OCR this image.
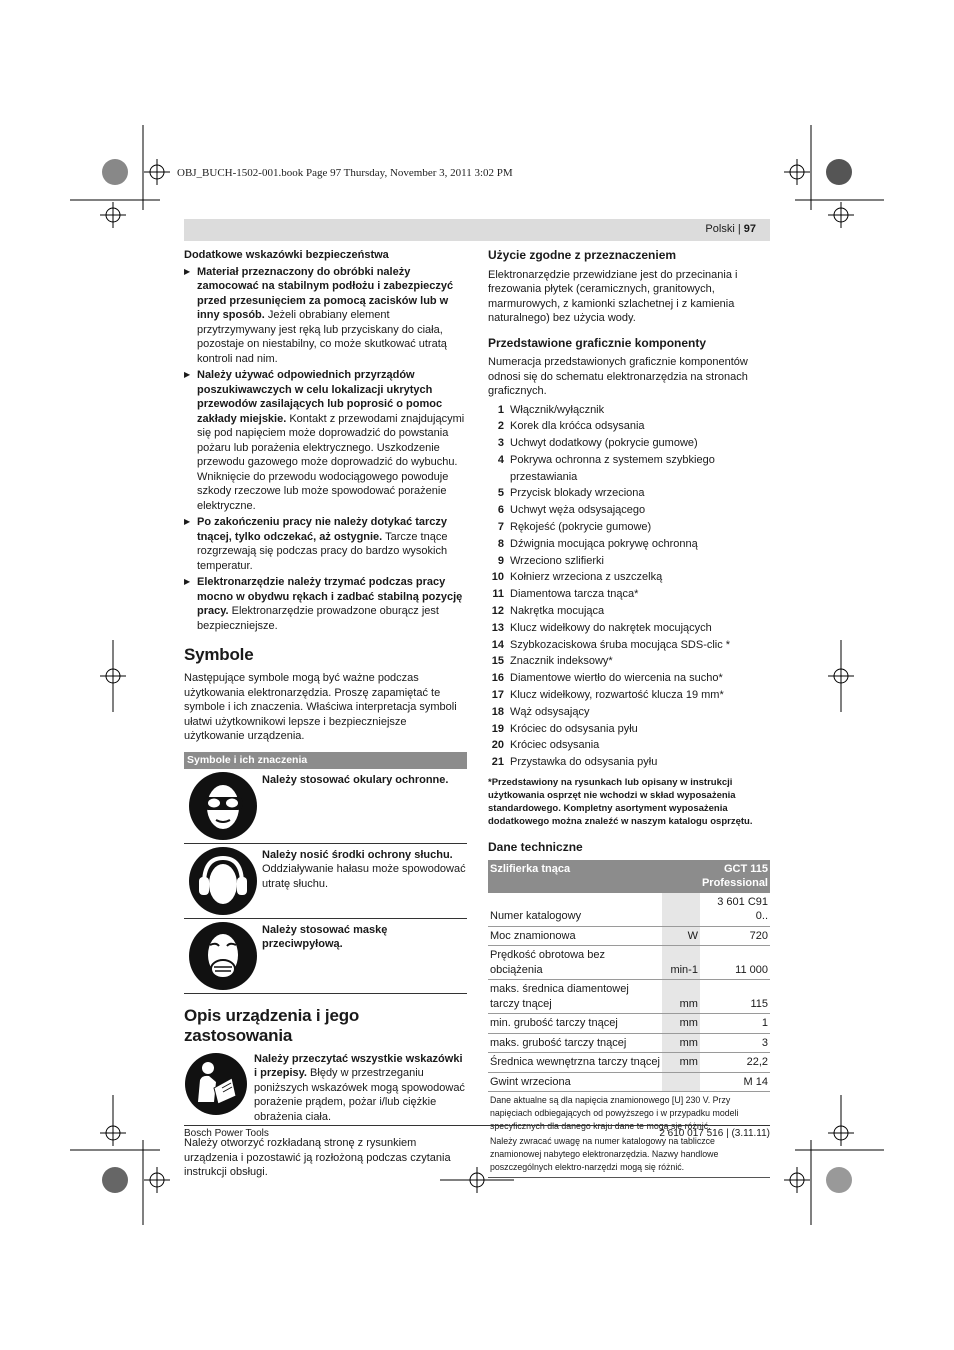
OBJ_BUCH-1502-001.book Page 97 Thursday, November 3, 2011 3:02 PM
Polski | 97
Dodatkowe wskazówki bezpieczeństwa
▶ Materiał przeznaczony do obróbki należy zamocować na stabilnym podłożu i zabezpieczyć przed przesunięciem za pomocą zacisków lub w inny sposób. Jeżeli obrabiany element przytrzymywany jest ręką lub przyciskany do ciała, pozostaje on niestabilny, co może skutkować utratą kontroli nad nim.
▶ Należy używać odpowiednich przyrządów poszukiwawczych w celu lokalizacji ukrytych przewodów zasilających lub poprosić o pomoc zakłady miejskie. Kontakt z przewodami znajdującymi się pod napięciem może doprowadzić do powstania pożaru lub porażenia elektrycznego. Uszkodzenie przewodu gazowego może doprowadzić do wybuchu. Wniknięcie do przewodu wodociągowego powoduje szkody rzeczowe lub może spowodować porażenie elektryczne.
▶ Po zakończeniu pracy nie należy dotykać tarczy tnącej, tylko odczekać, aż ostygnie. Tarcze tnące rozgrzewają się podczas pracy do bardzo wysokich temperatur.
▶ Elektronarzędzie należy trzymać podczas pracy mocno w obydwu rękach i zadbać stabilną pozycję pracy. Elektronarzędzie prowadzone oburącz jest bezpieczniejsze.
Symbole
Następujące symbole mogą być ważne podczas użytkowania elektronarzędzia. Proszę zapamiętać te symbole i ich znaczenia. Właściwa interpretacja symboli ułatwi użytkownikowi lepsze i bezpieczniejsze użytkowanie urządzenia.
Symbole i ich znaczenia
Należy stosować okulary ochronne.
Należy nosić środki ochrony słuchu. Oddziaływanie hałasu może spowodować utratę słuchu.
Należy stosować maskę przeciwpyłową.
Opis urządzenia i jego zastosowania
Należy przeczytać wszystkie wskazówki i przepisy. Błędy w przestrzeganiu poniższych wskazówek mogą spowodować porażenie prądem, pożar i/lub ciężkie obrażenia ciała.
Należy otworzyć rozkładaną stronę z rysunkiem urządzenia i pozostawić ją rozłożoną podczas czytania instrukcji obsługi.
Użycie zgodne z przeznaczeniem
Elektronarzędzie przewidziane jest do przecinania i frezowania płytek (ceramicznych, granitowych, marmurowych, z kamionki szlachetnej i z kamienia naturalnego) bez użycia wody.
Przedstawione graficznie komponenty
Numeracja przedstawionych graficznie komponentów odnosi się do schematu elektronarzędzia na stronach graficznych.
1 Włącznik/wyłącznik
2 Korek dla króćca odsysania
3 Uchwyt dodatkowy (pokrycie gumowe)
4 Pokrywa ochronna z systemem szybkiego przestawiania
5 Przycisk blokady wrzeciona
6 Uchwyt węża odsysającego
7 Rękojeść (pokrycie gumowe)
8 Dźwignia mocująca pokrywę ochronną
9 Wrzeciono szlifierki
10 Kołnierz wrzeciona z uszczelką
11 Diamentowa tarcza tnąca*
12 Nakrętka mocująca
13 Klucz widełkowy do nakrętek mocujących
14 Szybkozaciskowa śruba mocująca SDS-clic *
15 Znacznik indeksowy*
16 Diamentowe wiertło do wiercenia na sucho*
17 Klucz widełkowy, rozwartość klucza 19 mm*
18 Wąż odsysający
19 Króciec do odsysania pyłu
20 Króciec odsysania
21 Przystawka do odsysania pyłu
*Przedstawiony na rysunkach lub opisany w instrukcji użytkowania osprzęt nie wchodzi w skład wyposażenia standardowego. Kompletny asortyment wyposażenia dodatkowego można znaleźć w naszym katalogu osprzętu.
Dane techniczne
Szlifierka tnąca		GCT 115
Professional
Numer katalogowy		3 601 C91 0..
Moc znamionowa	W	720
Prędkość obrotowa bez obciążenia	min-1	11 000
maks. średnica diamentowej tarczy tnącej	mm	115
min. grubość tarczy tnącej	mm	1
maks. grubość tarczy tnącej	mm	3
Średnica wewnętrzna tarczy tnącej	mm	22,2
Gwint wrzeciona		M 14
Dane aktualne są dla napięcia znamionowego [U] 230 V. Przy napięciach odbiegających od powyższego i w przypadku modeli specyficznych dla danego kraju dane te mogą się różnić.
Należy zwracać uwagę na numer katalogowy na tabliczce znamionowej nabytego elektronarzędzia. Nazwy handlowe poszczególnych elektro-narzędzi mogą się różnić.
Bosch Power Tools	2 610 017 516 | (3.11.11)
